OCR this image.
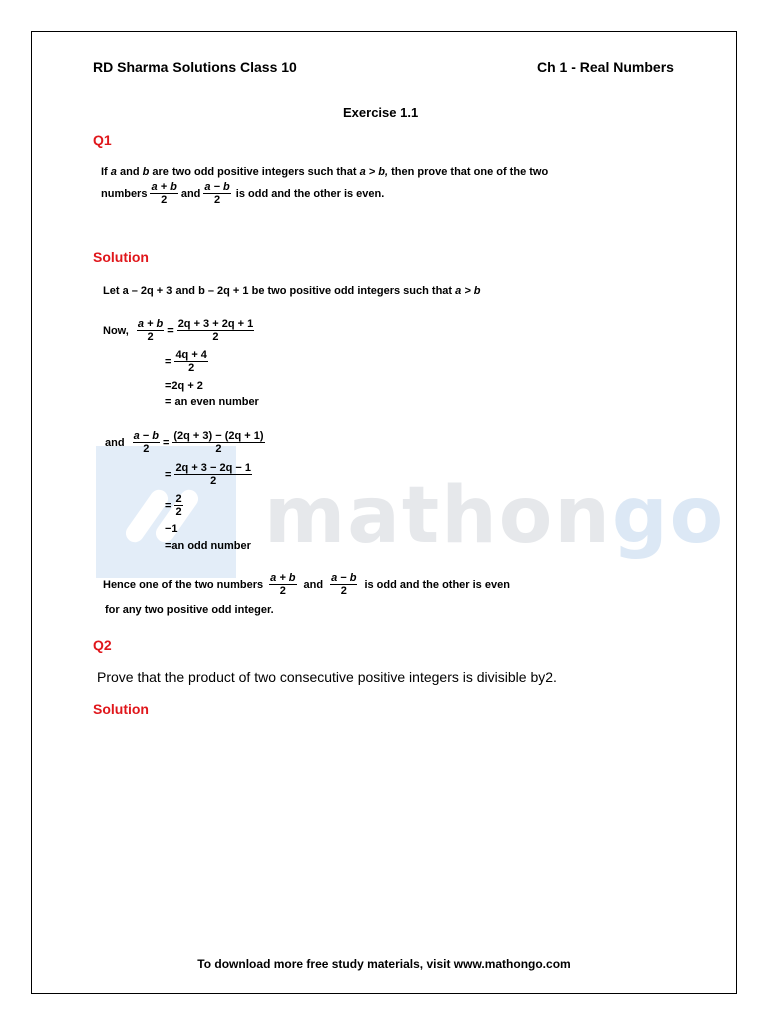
mathongo
RD Sharma Solutions Class 10	Ch 1 - Real Numbers
Exercise 1.1
Q1
If a and b are two odd positive integers such that a > b, then prove that one of the two
numbers $\frac{a + b}{2}$ and $\frac{a - b}{2}$ is odd and the other is even.
Solution
Let a – 2q + 3 and b – 2q + 1 be two positive odd integers such that a > b
Now, $\frac{a + b}{2} = \frac{2q + 3 + 2q + 1}{2}$
= $\frac{4q + 4}{2}$
=2q + 2
= an even number
and $\frac{a - b}{2} = \frac{(2q + 3) - (2q + 1)}{2}$
= $\frac{2q + 3 - 2q - 1}{2}$
= $\frac{2}{2}$
−1
=an odd number
Hence one of the two numbers $\frac{a + b}{2}$ and $\frac{a - b}{2}$ is odd and the other is even
for any two positive odd integer.
Q2
Prove that the product of two consecutive positive integers is divisible by2.
Solution
To download more free study materials, visit www.mathongo.com
